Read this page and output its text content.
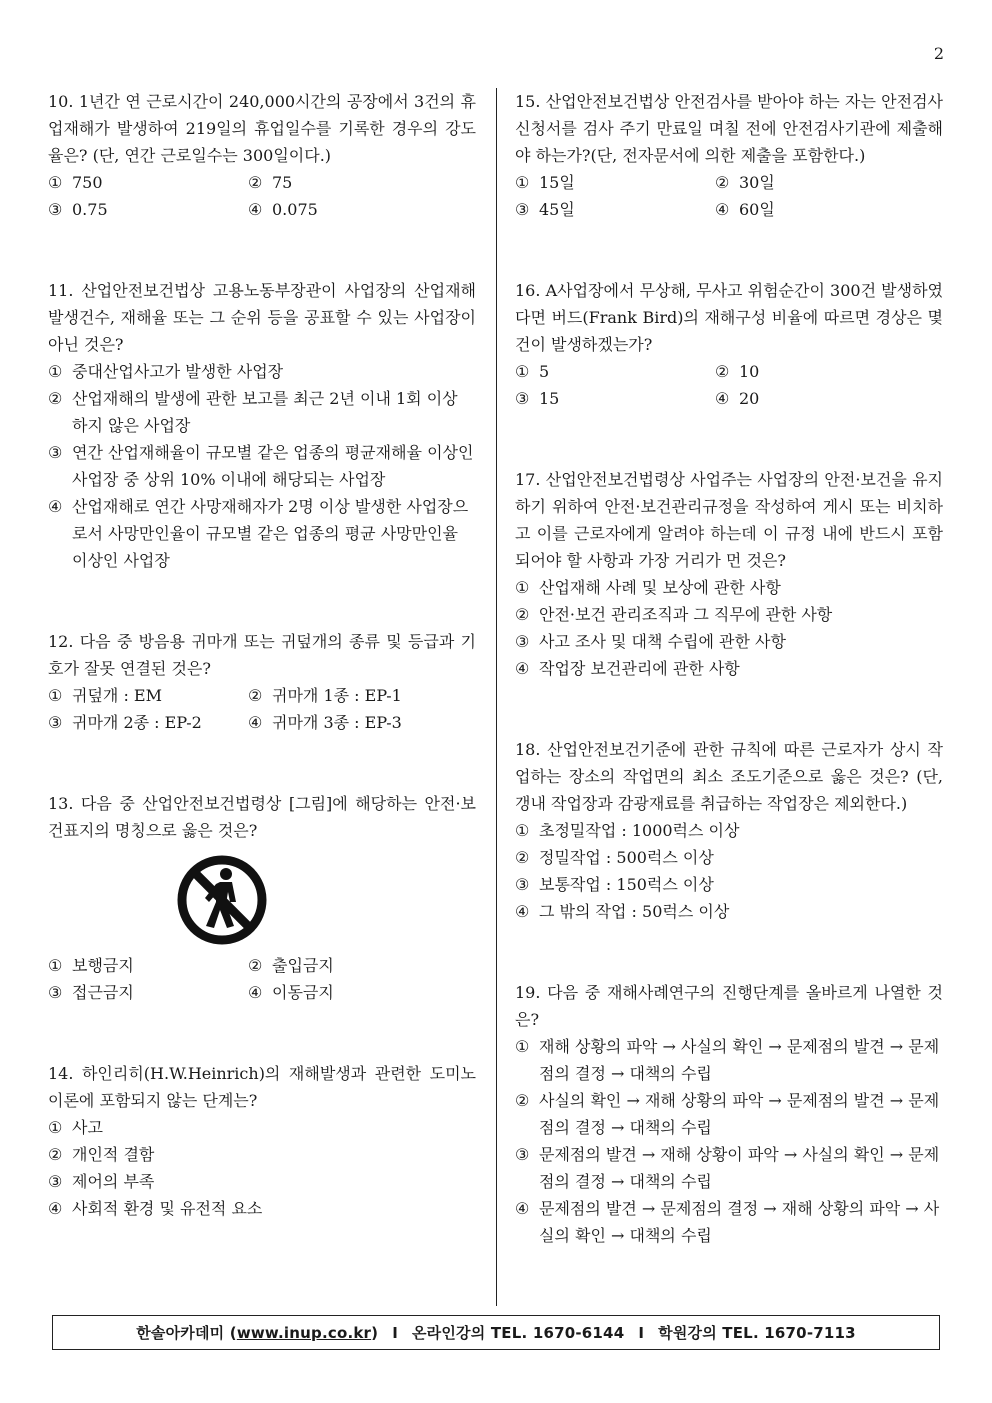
2
10. 1년간 연 근로시간이 240,000시간의 공장에서 3건의 휴업재해가 발생하여 219일의 휴업일수를 기록한 경우의 강도율은? (단, 연간 근로일수는 300일이다.)
① 750	② 75
③ 0.75	④ 0.075
11. 산업안전보건법상 고용노동부장관이 사업장의 산업재해 발생건수, 재해율 또는 그 순위 등을 공표할 수 있는 사업장이 아닌 것은?
① 중대산업사고가 발생한 사업장
② 산업재해의 발생에 관한 보고를 최근 2년 이내 1회 이상 하지 않은 사업장
③ 연간 산업재해율이 규모별 같은 업종의 평균재해율 이상인 사업장 중 상위 10% 이내에 해당되는 사업장
④ 산업재해로 연간 사망재해자가 2명 이상 발생한 사업장으로서 사망만인율이 규모별 같은 업종의 평균 사망만인율 이상인 사업장
12. 다음 중 방음용 귀마개 또는 귀덮개의 종류 및 등급과 기호가 잘못 연결된 것은?
① 귀덮개 : EM	② 귀마개 1종 : EP-1
③ 귀마개 2종 : EP-2	④ 귀마개 3종 : EP-3
13. 다음 중 산업안전보건법령상 [그림]에 해당하는 안전·보건표지의 명칭으로 옳은 것은?
① 보행금지	② 출입금지
③ 접근금지	④ 이동금지
14. 하인리히(H.W.Heinrich)의 재해발생과 관련한 도미노 이론에 포함되지 않는 단계는?
① 사고
② 개인적 결함
③ 제어의 부족
④ 사회적 환경 및 유전적 요소
15. 산업안전보건법상 안전검사를 받아야 하는 자는 안전검사 신청서를 검사 주기 만료일 며칠 전에 안전검사기관에 제출해야 하는가?(단, 전자문서에 의한 제출을 포함한다.)
① 15일	② 30일
③ 45일	④ 60일
16. A사업장에서 무상해, 무사고 위험순간이 300건 발생하였다면 버드(Frank Bird)의 재해구성 비율에 따르면 경상은 몇 건이 발생하겠는가?
① 5	② 10
③ 15	④ 20
17. 산업안전보건법령상 사업주는 사업장의 안전·보건을 유지하기 위하여 안전·보건관리규정을 작성하여 게시 또는 비치하고 이를 근로자에게 알려야 하는데 이 규정 내에 반드시 포함 되어야 할 사항과 가장 거리가 먼 것은?
① 산업재해 사례 및 보상에 관한 사항
② 안전·보건 관리조직과 그 직무에 관한 사항
③ 사고 조사 및 대책 수립에 관한 사항
④ 작업장 보건관리에 관한 사항
18. 산업안전보건기준에 관한 규칙에 따른 근로자가 상시 작업하는 장소의 작업면의 최소 조도기준으로 옳은 것은? (단, 갱내 작업장과 감광재료를 취급하는 작업장은 제외한다.)
① 초정밀작업 : 1000럭스 이상
② 정밀작업 : 500럭스 이상
③ 보통작업 : 150럭스 이상
④ 그 밖의 작업 : 50럭스 이상
19. 다음 중 재해사례연구의 진행단계를 올바르게 나열한 것은?
① 재해 상황의 파악 → 사실의 확인 → 문제점의 발견 → 문제점의 결정 → 대책의 수립
② 사실의 확인 → 재해 상황의 파악 → 문제점의 발견 → 문제점의 결정 → 대책의 수립
③ 문제점의 발견 → 재해 상황이 파악 → 사실의 확인 → 문제점의 결정 → 대책의 수립
④ 문제점의 발견 → 문제점의 결정 → 재해 상황의 파악 → 사실의 확인 → 대책의 수립
한솔아카데미 ( www.inup.co.kr ) I 온라인강의 TEL. 1670-6144 I 학원강의 TEL. 1670-7113
